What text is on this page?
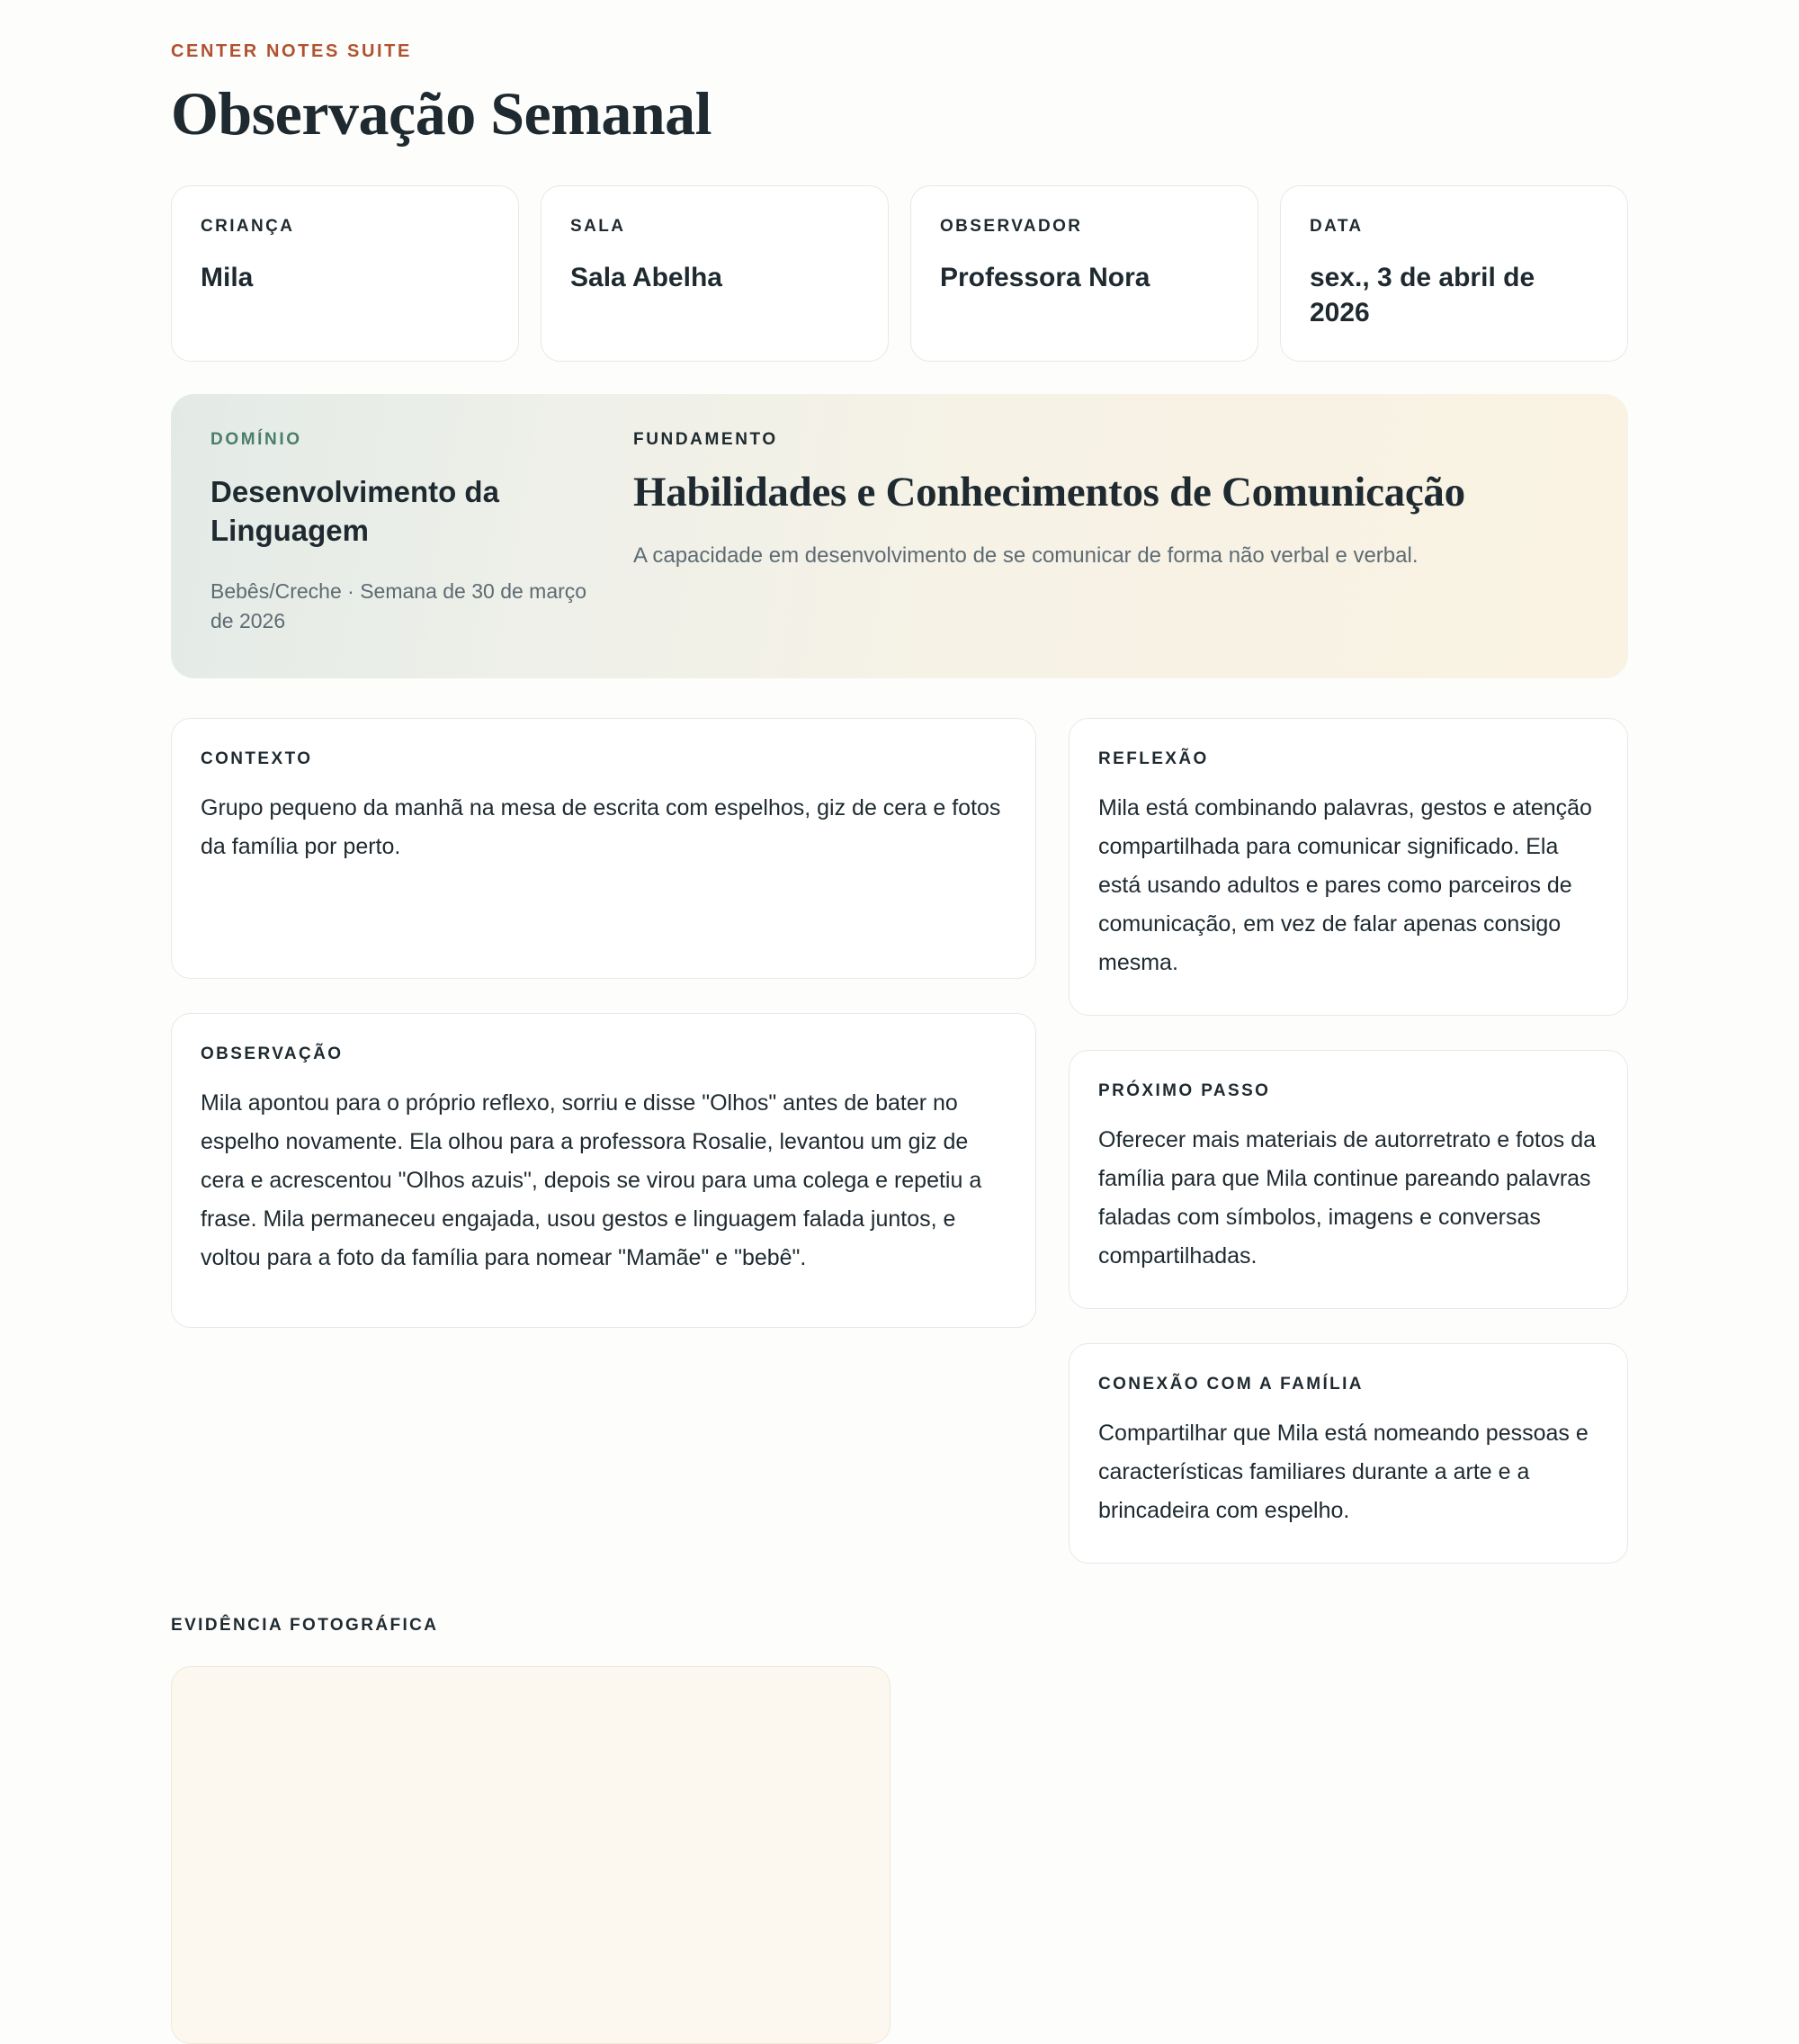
CENTER NOTES SUITE
Observação Semanal
CRIANÇA
Mila
SALA
Sala Abelha
OBSERVADOR
Professora Nora
DATA
sex., 3 de abril de 2026
DOMÍNIO
Desenvolvimento da Linguagem
Bebês/Creche · Semana de 30 de março de 2026
FUNDAMENTO
Habilidades e Conhecimentos de Comunicação
A capacidade em desenvolvimento de se comunicar de forma não verbal e verbal.
CONTEXTO
Grupo pequeno da manhã na mesa de escrita com espelhos, giz de cera e fotos da família por perto.
OBSERVAÇÃO
Mila apontou para o próprio reflexo, sorriu e disse "Olhos" antes de bater no espelho novamente. Ela olhou para a professora Rosalie, levantou um giz de cera e acrescentou "Olhos azuis", depois se virou para uma colega e repetiu a frase. Mila permaneceu engajada, usou gestos e linguagem falada juntos, e voltou para a foto da família para nomear "Mamãe" e "bebê".
REFLEXÃO
Mila está combinando palavras, gestos e atenção compartilhada para comunicar significado. Ela está usando adultos e pares como parceiros de comunicação, em vez de falar apenas consigo mesma.
PRÓXIMO PASSO
Oferecer mais materiais de autorretrato e fotos da família para que Mila continue pareando palavras faladas com símbolos, imagens e conversas compartilhadas.
CONEXÃO COM A FAMÍLIA
Compartilhar que Mila está nomeando pessoas e características familiares durante a arte e a brincadeira com espelho.
EVIDÊNCIA FOTOGRÁFICA
